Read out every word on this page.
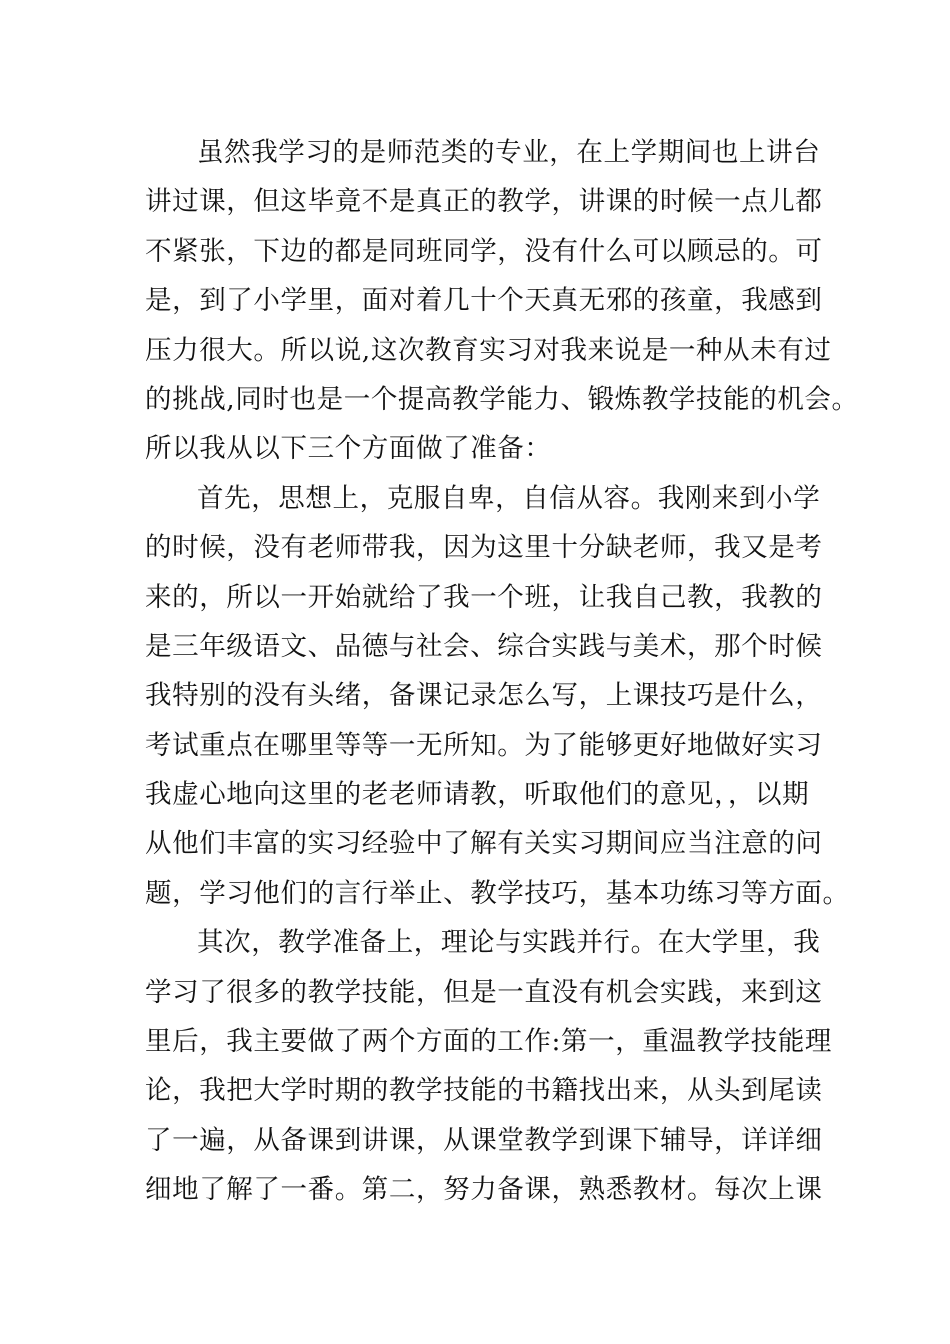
虽然我学习的是师范类的专业，在上学期间也上讲台
讲过课，但这毕竟不是真正的教学，讲课的时候一点儿都
不紧张，下边的都是同班同学，没有什么可以顾忌的。可
是，到了小学里，面对着几十个天真无邪的孩童，我感到
压力很大。所以说,这次教育实习对我来说是一种从未有过
的挑战,同时也是一个提高教学能力、锻炼教学技能的机会。
所以我从以下三个方面做了准备：
首先，思想上，克服自卑，自信从容。我刚来到小学
的时候，没有老师带我，因为这里十分缺老师，我又是考
来的，所以一开始就给了我一个班，让我自己教，我教的
是三年级语文、品德与社会、综合实践与美术，那个时候
我特别的没有头绪，备课记录怎么写，上课技巧是什么，
考试重点在哪里等等一无所知。为了能够更好地做好实习
我虚心地向这里的老老师请教，听取他们的意见，，以期
从他们丰富的实习经验中了解有关实习期间应当注意的问
题，学习他们的言行举止、教学技巧，基本功练习等方面。
其次，教学准备上，理论与实践并行。在大学里，我
学习了很多的教学技能，但是一直没有机会实践，来到这
里后，我主要做了两个方面的工作:第一，重温教学技能理
论，我把大学时期的教学技能的书籍找出来，从头到尾读
了一遍，从备课到讲课，从课堂教学到课下辅导，详详细
细地了解了一番。第二，努力备课，熟悉教材。每次上课
